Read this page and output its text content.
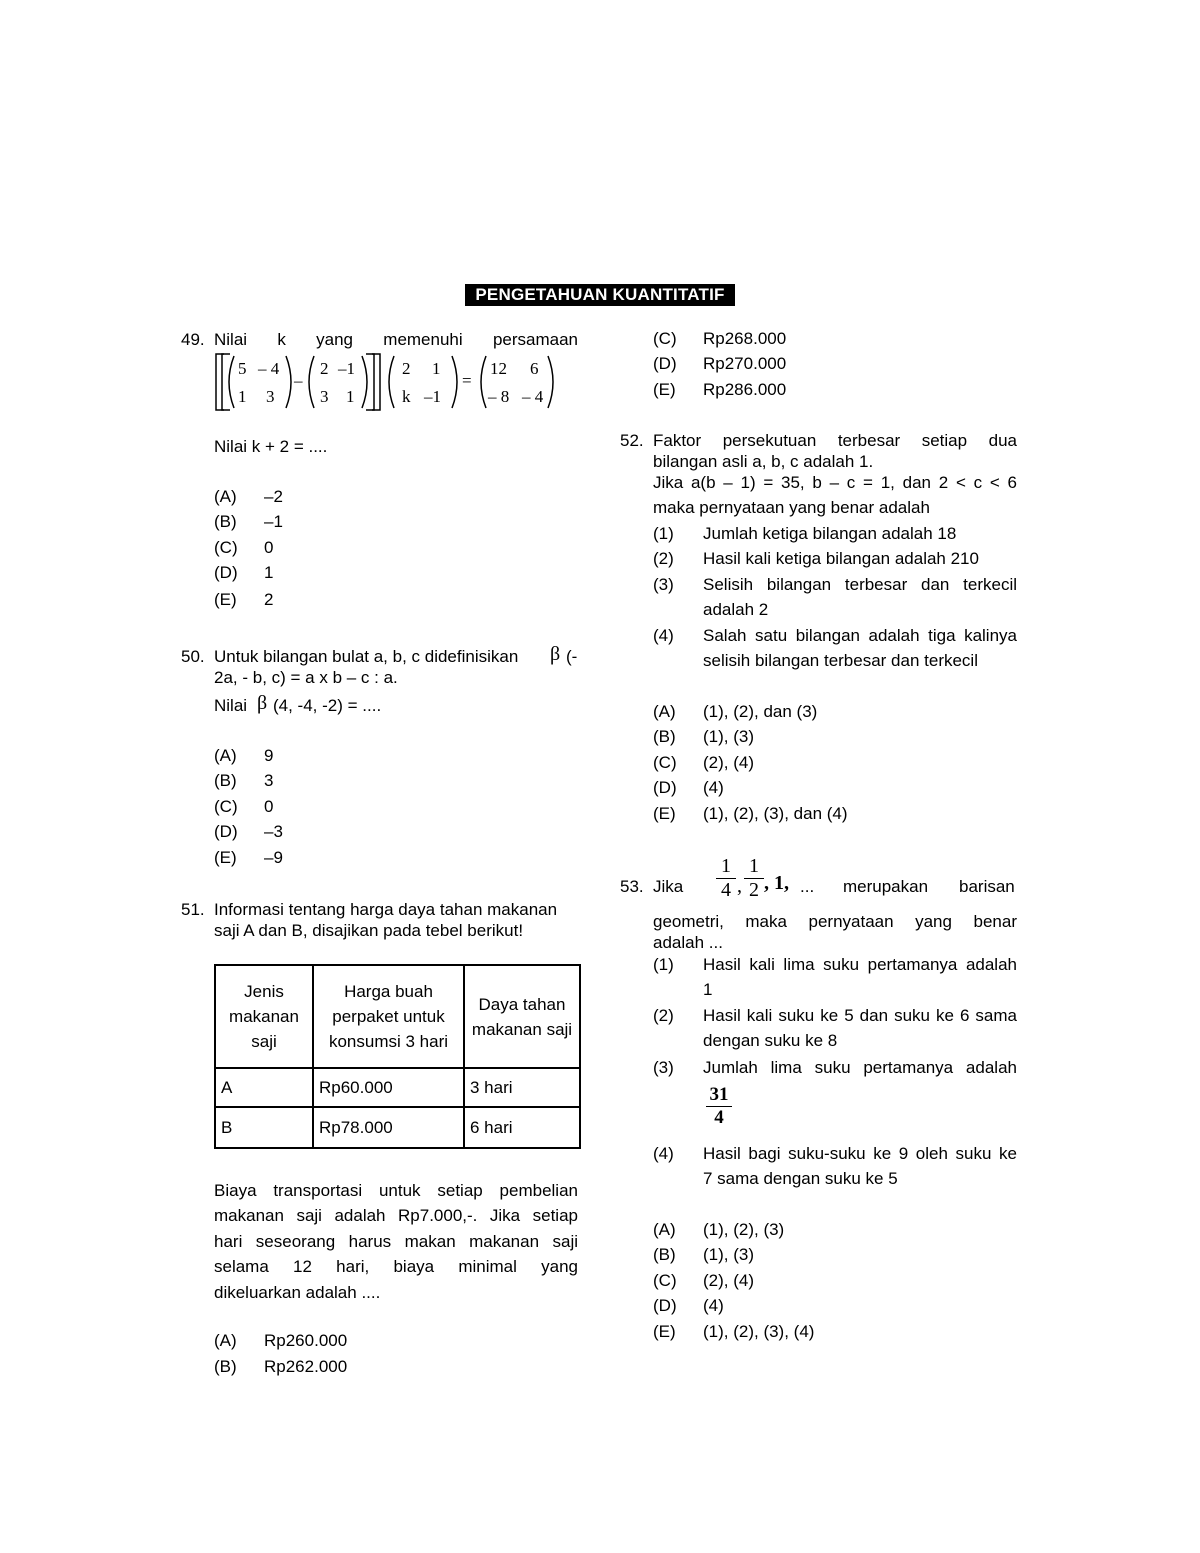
PENGETAHUAN KUANTITATIF
49. Nilai k yang memenuhi persamaan
5 – 4
1 3
–
2 –1
3 1
2 1
k –1
=
12 6
– 8 – 4
Nilai k + 2 = ....
(A) –2
(B) –1
(C) 0
(D) 1
(E) 2
50. Untuk bilangan bulat a, b, c didefinisikan β (-
2a, - b, c) = a x b – c : a.
Nilai β (4, -4, -2) = ....
(A) 9
(B) 3
(C) 0
(D) –3
(E) –9
51. Informasi tentang harga daya tahan makanan
saji A dan B, disajikan pada tebel berikut!
Jenis makanan saji	Harga buah perpaket untuk konsumsi 3 hari	Daya tahan makanan saji
A	Rp60.000	3 hari
B	Rp78.000	6 hari
Biaya transportasi untuk setiap pembelian
makanan saji adalah Rp7.000,-. Jika setiap
hari seseorang harus makan makanan saji
selama 12 hari, biaya minimal yang
dikeluarkan adalah ....
(A) Rp260.000
(B) Rp262.000
(C) Rp268.000
(D) Rp270.000
(E) Rp286.000
52. Faktor persekutuan terbesar setiap dua
bilangan asli a, b, c adalah 1.
Jika a(b – 1) = 35, b – c = 1, dan 2 < c < 6
maka pernyataan yang benar adalah
(1) Jumlah ketiga bilangan adalah 18
(2) Hasil kali ketiga bilangan adalah 210
(3) Selisih bilangan terbesar dan terkecil
adalah 2
(4) Salah satu bilangan adalah tiga kalinya
selisih bilangan terbesar dan terkecil
(A) (1), (2), dan (3)
(B) (1), (3)
(C) (2), (4)
(D) (4)
(E) (1), (2), (3), dan (4)
53. Jika $\frac{1}{4}$ , $\frac{1}{2}$ , 1, ... merupakan barisan
geometri, maka pernyataan yang benar
adalah ...
(1) Hasil kali lima suku pertamanya adalah
1
(2) Hasil kali suku ke 5 dan suku ke 6 sama
dengan suku ke 8
(3) Jumlah lima suku pertamanya adalah
$\frac{31}{4}$
(4) Hasil bagi suku-suku ke 9 oleh suku ke
7 sama dengan suku ke 5
(A) (1), (2), (3)
(B) (1), (3)
(C) (2), (4)
(D) (4)
(E) (1), (2), (3), (4)
